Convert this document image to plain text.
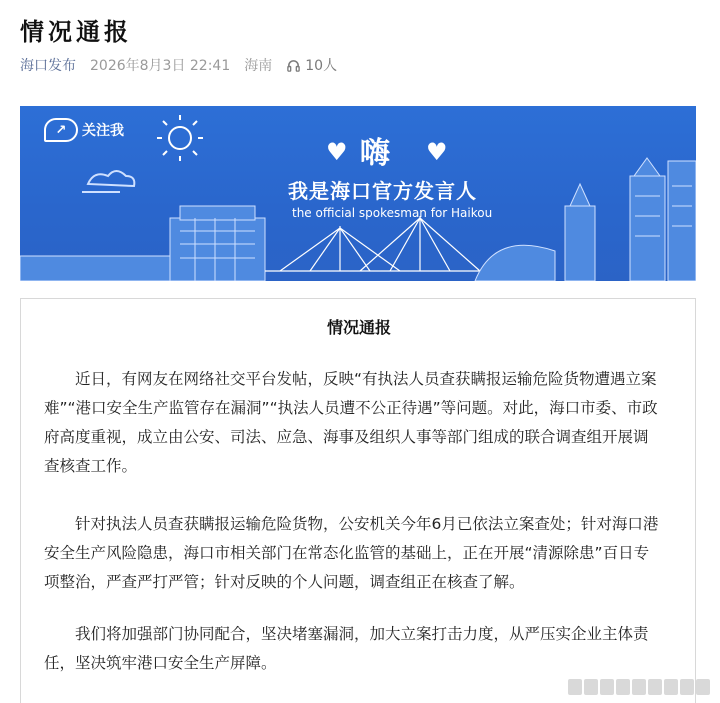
情况通报
海口发布 2026年8月3日 22:41 海南 10人
↗	关注我
♥ 嗨 ♥
我是海口官方发言人
the official spokesman for Haikou
情况通报

　　近日，有网友在网络社交平台发帖，反映“有执法人员查获瞒报运输危险货物遭遇立案难”“港口安全生产监管存在漏洞”“执法人员遭不公正待遇”等问题。对此，海口市委、市政府高度重视，成立由公安、司法、应急、海事及组织人事等部门组成的联合调查组开展调查核查工作。

　　针对执法人员查获瞒报运输危险货物，公安机关今年6月已依法立案查处；针对海口港安全生产风险隐患，海口市相关部门在常态化监管的基础上，正在开展“清源除患”百日专项整治，严查严打严管；针对反映的个人问题，调查组正在核查了解。

　　我们将加强部门协同配合，坚决堵塞漏洞，加大立案打击力度，从严压实企业主体责任，坚决筑牢港口安全生产屏障。
